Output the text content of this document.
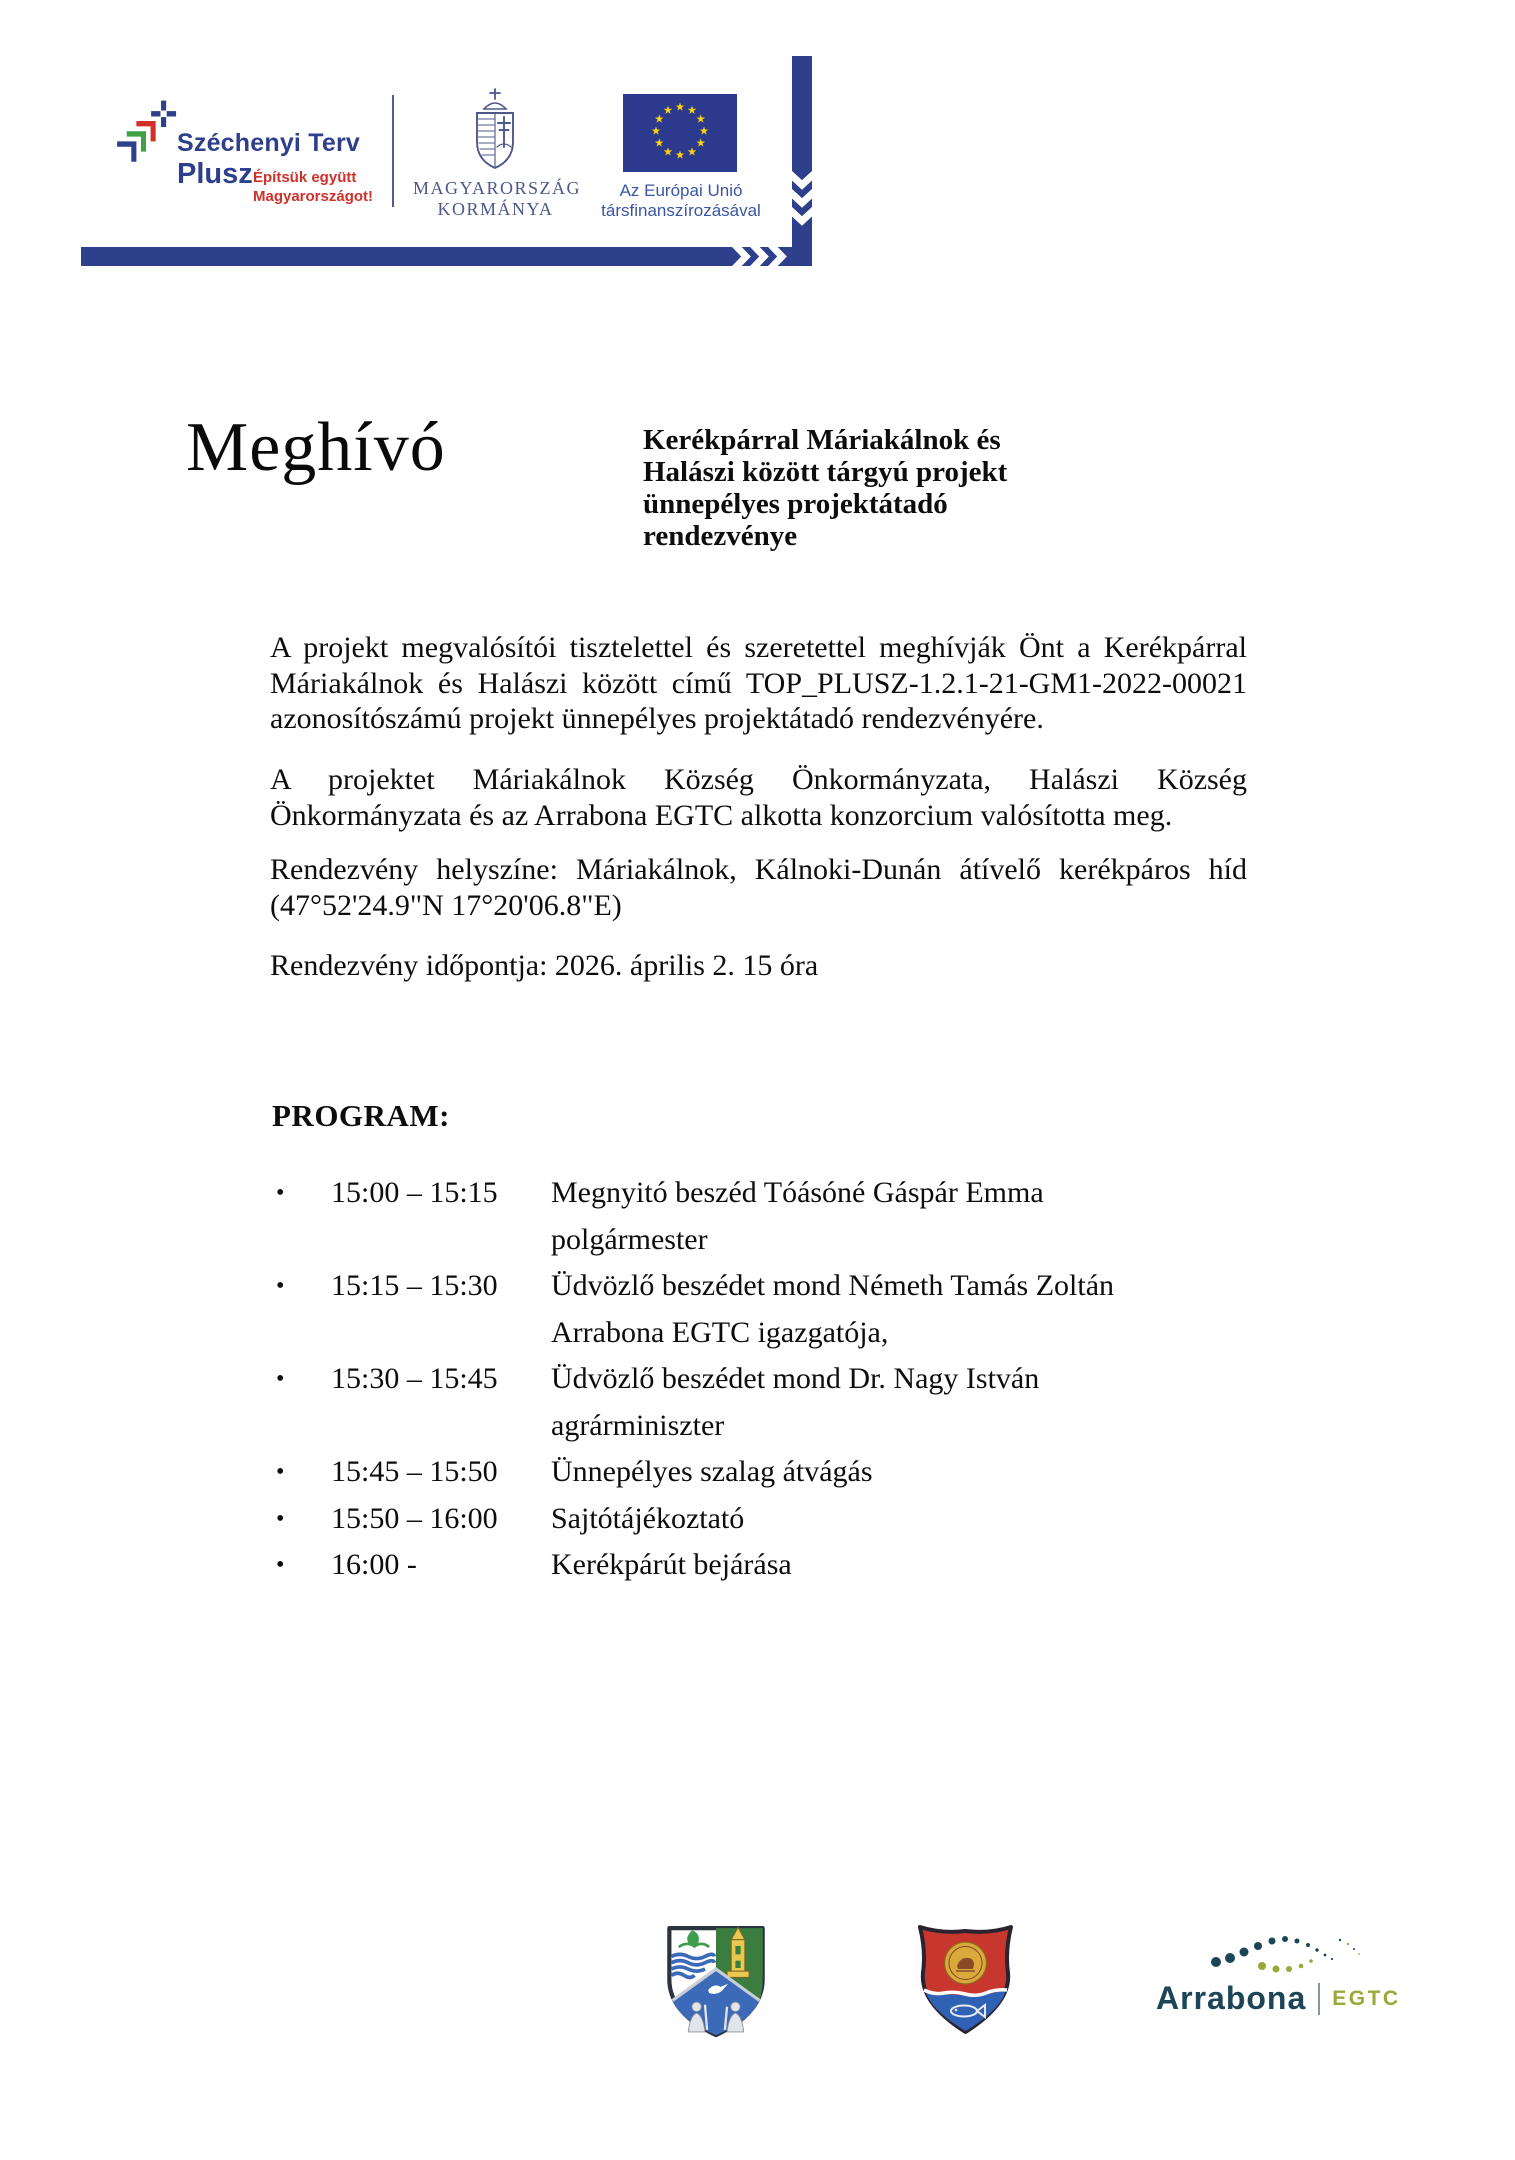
Széchenyi Terv
Plusz Építsük együtt
Magyarországot! MAGYARORSZÁG
KORMÁNYA
Az Európai Unió
társfinanszírozásával
Meghívó	Kerékpárral Máriakálnok és
Halászi között tárgyú projekt
ünnepélyes projektátadó
rendezvénye

A projekt megvalósítói tisztelettel és szeretettel meghívják Önt a Kerékpárral Máriakálnok és Halászi között című TOP_PLUSZ-1.2.1-21-GM1-2022-00021 azonosítószámú projekt ünnepélyes projektátadó rendezvényére.

A projektet Máriakálnok Község Önkormányzata, Halászi Község Önkormányzata és az Arrabona EGTC alkotta konzorcium valósította meg.

Rendezvény helyszíne: Máriakálnok, Kálnoki-Dunán átívelő kerékpáros híd (47°52'24.9"N 17°20'06.8"E)

Rendezvény időpontja: 2026. április 2. 15 óra

PROGRAM:
•	15:00 – 15:15	Megnyitó beszéd Tóásóné Gáspár Emma
polgármester
•	15:15 – 15:30	Üdvözlő beszédet mond Németh Tamás Zoltán
Arrabona EGTC igazgatója,
•	15:30 – 15:45	Üdvözlő beszédet mond Dr. Nagy István
agrárminiszter
•	15:45 – 15:50	Ünnepélyes szalag átvágás
•	15:50 – 16:00	Sajtótájékoztató
•	16:00 -	Kerékpárút bejárása
Arrabona EGTC
